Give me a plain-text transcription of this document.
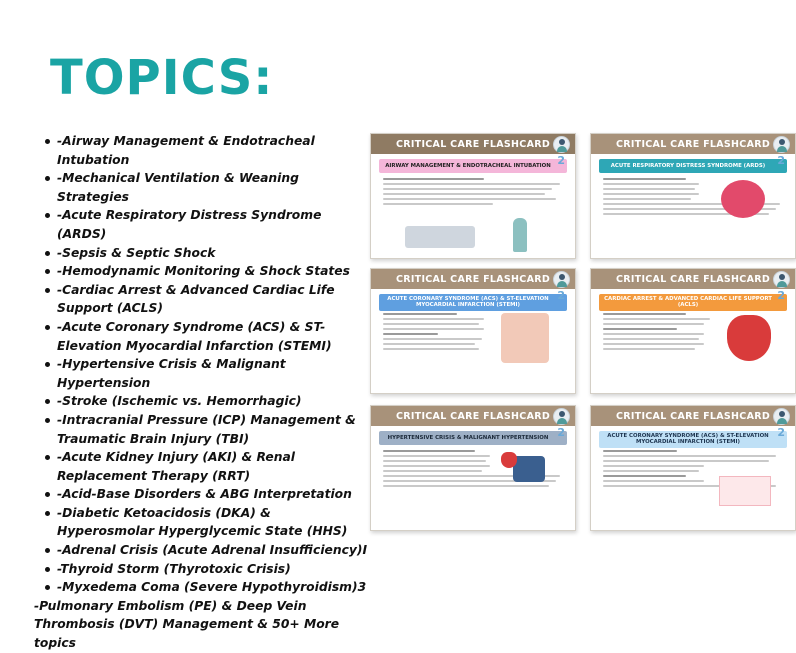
TOPICS:
-Airway Management & Endotracheal Intubation
-Mechanical Ventilation & Weaning Strategies
-Acute Respiratory Distress Syndrome (ARDS)
-Sepsis & Septic Shock
-Hemodynamic Monitoring & Shock States
-Cardiac Arrest & Advanced Cardiac Life Support (ACLS)
-Acute Coronary Syndrome (ACS) & ST-Elevation Myocardial Infarction (STEMI)
-Hypertensive Crisis & Malignant Hypertension
-Stroke (Ischemic vs. Hemorrhagic)
-Intracranial Pressure (ICP) Management & Traumatic Brain Injury (TBI)
-Acute Kidney Injury (AKI) & Renal Replacement Therapy (RRT)
-Acid-Base Disorders & ABG Interpretation
-Diabetic Ketoacidosis (DKA) & Hyperosmolar Hyperglycemic State (HHS)
-Adrenal Crisis (Acute Adrenal Insufficiency)I
-Thyroid Storm (Thyrotoxic Crisis)
-Myxedema Coma (Severe Hypothyroidism)3
-Pulmonary Embolism (PE) & Deep Vein Thrombosis (DVT) Management & 50+ More topics
CRITICAL CARE FLASHCARD
AIRWAY MANAGEMENT & ENDOTRACHEAL INTUBATION 2
CRITICAL CARE FLASHCARD
ACUTE RESPIRATORY DISTRESS SYNDROME (ARDS) 2
CRITICAL CARE FLASHCARD
ACUTE CORONARY SYNDROME (ACS) & ST-ELEVATION MYOCARDIAL INFARCTION (STEMI)
2
CRITICAL CARE FLASHCARD
CARDIAC ARREST & ADVANCED CARDIAC LIFE SUPPORT (ACLS)
2
CRITICAL CARE FLASHCARD
HYPERTENSIVE CRISIS & MALIGNANT HYPERTENSION 2
CRITICAL CARE FLASHCARD
ACUTE CORONARY SYNDROME (ACS) & ST-ELEVATION MYOCARDIAL INFARCTION (STEMI)
2
